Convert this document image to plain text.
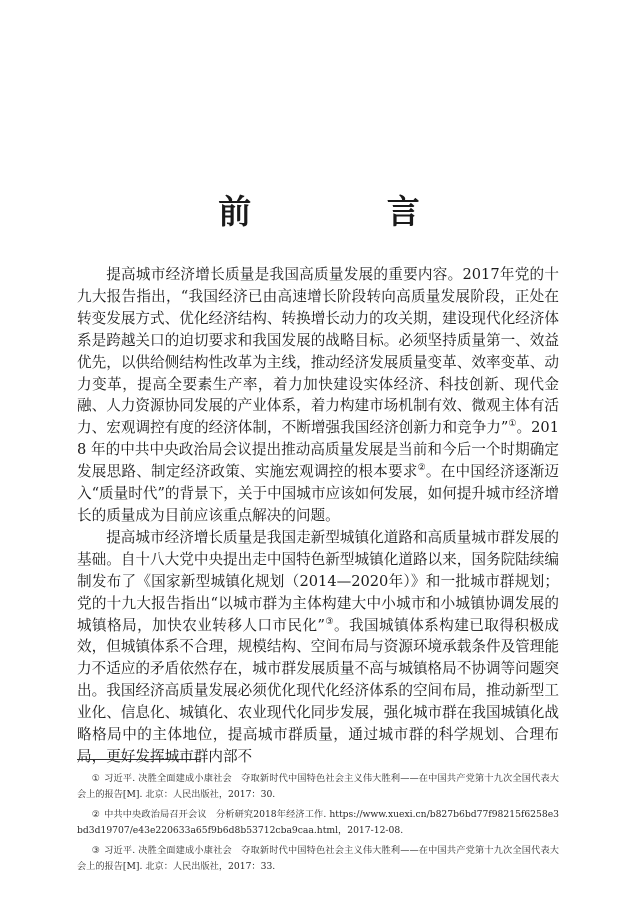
前 言

提高城市经济增长质量是我国高质量发展的重要内容。2017年党的十九大报告指出，“我国经济已由高速增长阶段转向高质量发展阶段，正处在转变发展方式、优化经济结构、转换增长动力的攻关期，建设现代化经济体系是跨越关口的迫切要求和我国发展的战略目标。必须坚持质量第一、效益优先，以供给侧结构性改革为主线，推动经济发展质量变革、效率变革、动力变革，提高全要素生产率，着力加快建设实体经济、科技创新、现代金融、人力资源协同发展的产业体系，着力构建市场机制有效、微观主体有活力、宏观调控有度的经济体制，不断增强我国经济创新力和竞争力”①。2018 年的中共中央政治局会议提出推动高质量发展是当前和今后一个时期确定发展思路、制定经济政策、实施宏观调控的根本要求②。在中国经济逐渐迈入“质量时代”的背景下，关于中国城市应该如何发展，如何提升城市经济增长的质量成为目前应该重点解决的问题。

提高城市经济增长质量是我国走新型城镇化道路和高质量城市群发展的基础。自十八大党中央提出走中国特色新型城镇化道路以来，国务院陆续编制发布了《国家新型城镇化规划（2014—2020年）》和一批城市群规划；党的十九大报告指出“以城市群为主体构建大中小城市和小城镇协调发展的城镇格局，加快农业转移人口市民化”③。我国城镇体系构建已取得积极成效，但城镇体系不合理，规模结构、空间布局与资源环境承载条件及管理能力不适应的矛盾依然存在，城市群发展质量不高与城镇格局不协调等问题突出。我国经济高质量发展必须优化现代化经济体系的空间布局，推动新型工业化、信息化、城镇化、农业现代化同步发展，强化城市群在我国城镇化战略格局中的主体地位，提高城市群质量，通过城市群的科学规划、合理布局，更好发挥城市群内部不

① 习近平. 决胜全面建成小康社会　夺取新时代中国特色社会主义伟大胜利——在中国共产党第十九次全国代表大会上的报告[M]. 北京：人民出版社，2017：30.

② 中共中央政治局召开会议　分析研究2018年经济工作. https://www.xuexi.cn/b827b6bd77f98215f6258e3bd3d19707/e43e220633a65f9b6d8b53712cba9caa.html，2017-12-08.

③ 习近平. 决胜全面建成小康社会　夺取新时代中国特色社会主义伟大胜利——在中国共产党第十九次全国代表大会上的报告[M]. 北京：人民出版社，2017：33.
